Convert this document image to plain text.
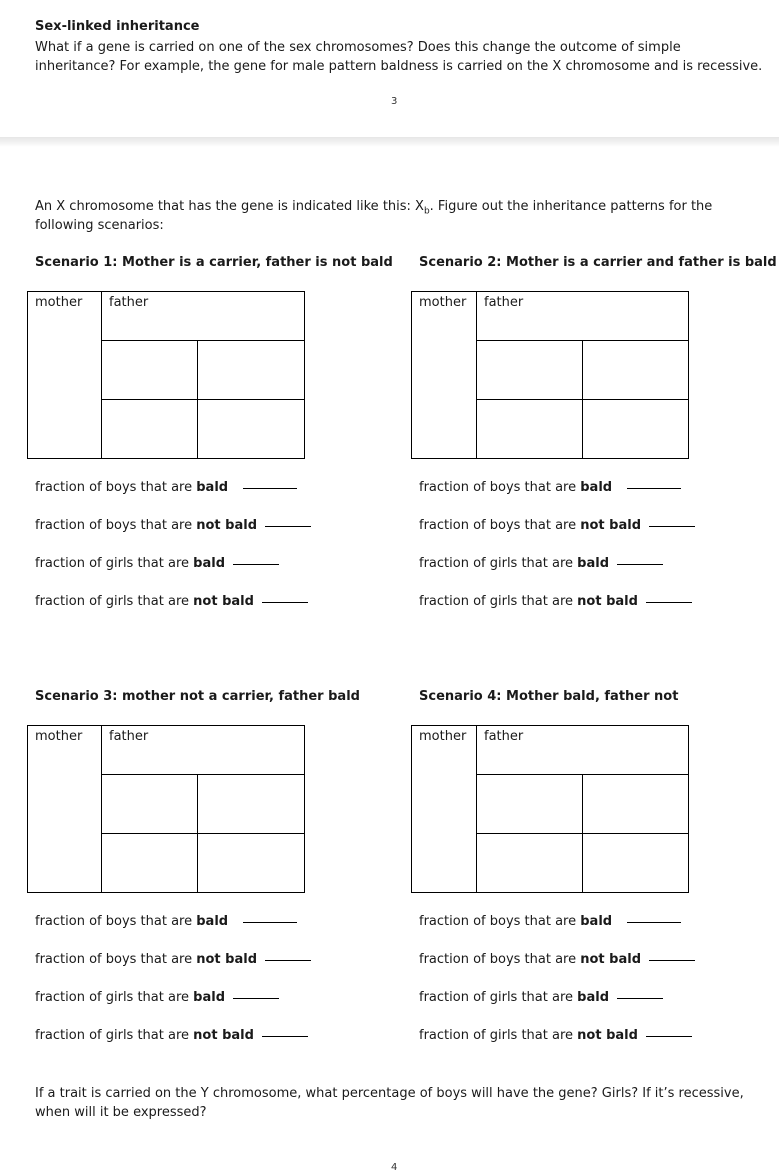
Sex-linked inheritance
What if a gene is carried on one of the sex chromosomes? Does this change the outcome of simple
inheritance? For example, the gene for male pattern baldness is carried on the X chromosome and is recessive.
3
An X chromosome that has the gene is indicated like this: $X_b$. Figure out the inheritance patterns for the
following scenarios:
Scenario 1: Mother is a carrier, father is not bald
mother father
fraction of boys that are bald
fraction of boys that are not bald
fraction of girls that are bald
fraction of girls that are not bald
Scenario 2: Mother is a carrier and father is bald
mother father
fraction of boys that are bald
fraction of boys that are not bald
fraction of girls that are bald
fraction of girls that are not bald
Scenario 3: mother not a carrier, father bald
mother father
fraction of boys that are bald
fraction of boys that are not bald
fraction of girls that are bald
fraction of girls that are not bald
Scenario 4: Mother bald, father not
mother father
fraction of boys that are bald
fraction of boys that are not bald
fraction of girls that are bald
fraction of girls that are not bald
If a trait is carried on the Y chromosome, what percentage of boys will have the gene? Girls? If it’s recessive,
when will it be expressed?
4
